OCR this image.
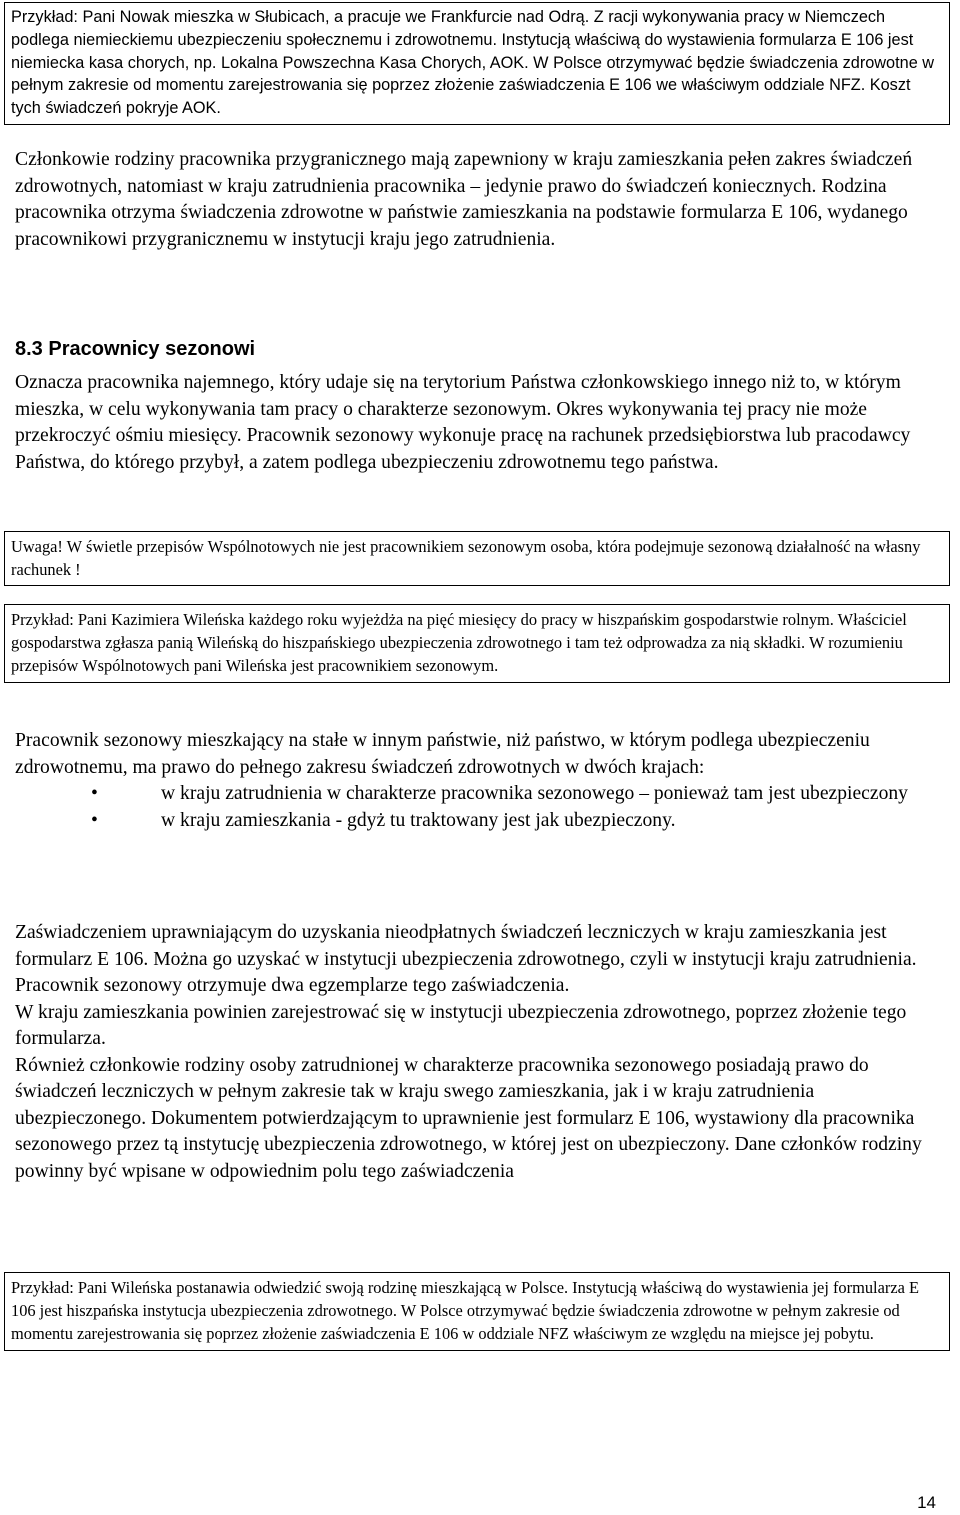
Przykład: Pani Nowak mieszka w Słubicach, a pracuje we Frankfurcie nad Odrą. Z racji wykonywania pracy w Niemczech podlega niemieckiemu ubezpieczeniu społecznemu i zdrowotnemu. Instytucją właściwą do wystawienia formularza E 106 jest niemiecka kasa chorych, np. Lokalna Powszechna Kasa Chorych, AOK. W Polsce otrzymywać będzie świadczenia zdrowotne w pełnym zakresie od momentu zarejestrowania się poprzez złożenie zaświadczenia E 106 we właściwym oddziale NFZ. Koszt tych świadczeń pokryje AOK.
Członkowie rodziny pracownika przygranicznego mają zapewniony w kraju zamieszkania pełen zakres świadczeń zdrowotnych, natomiast w kraju zatrudnienia pracownika – jedynie prawo do świadczeń koniecznych. Rodzina pracownika otrzyma świadczenia zdrowotne w państwie zamieszkania na podstawie formularza E 106, wydanego pracownikowi przygranicznemu w instytucji kraju jego zatrudnienia.
8.3 Pracownicy sezonowi
Oznacza pracownika najemnego, który udaje się na terytorium Państwa członkowskiego innego niż to, w którym mieszka, w celu wykonywania tam pracy o charakterze sezonowym. Okres wykonywania tej pracy nie może przekroczyć ośmiu miesięcy. Pracownik sezonowy wykonuje pracę na rachunek przedsiębiorstwa lub pracodawcy Państwa, do którego przybył, a zatem podlega ubezpieczeniu zdrowotnemu tego państwa.
Uwaga! W świetle przepisów Wspólnotowych nie jest pracownikiem sezonowym osoba, która podejmuje sezonową działalność na własny rachunek !
Przykład: Pani Kazimiera Wileńska każdego roku wyjeżdża na pięć miesięcy do pracy w hiszpańskim gospodarstwie rolnym. Właściciel gospodarstwa zgłasza panią Wileńską do hiszpańskiego ubezpieczenia zdrowotnego i tam też odprowadza za nią składki. W rozumieniu przepisów Wspólnotowych pani Wileńska jest pracownikiem sezonowym.
Pracownik sezonowy mieszkający na stałe w innym państwie, niż państwo, w którym podlega ubezpieczeniu zdrowotnemu, ma prawo do pełnego zakresu świadczeń zdrowotnych w dwóch krajach:
•	w kraju zatrudnienia w charakterze pracownika sezonowego – ponieważ tam jest ubezpieczony
•	w kraju zamieszkania - gdyż tu traktowany jest jak ubezpieczony.
Zaświadczeniem uprawniającym do uzyskania nieodpłatnych świadczeń leczniczych w kraju zamieszkania jest formularz E 106. Można go uzyskać w instytucji ubezpieczenia zdrowotnego, czyli w instytucji kraju zatrudnienia. Pracownik sezonowy otrzymuje dwa egzemplarze tego zaświadczenia.
W kraju zamieszkania powinien zarejestrować się w instytucji ubezpieczenia zdrowotnego, poprzez złożenie tego formularza.
Również członkowie rodziny osoby zatrudnionej w charakterze pracownika sezonowego posiadają prawo do świadczeń leczniczych w pełnym zakresie tak w kraju swego zamieszkania, jak i w kraju zatrudnienia ubezpieczonego. Dokumentem potwierdzającym to uprawnienie jest formularz E 106, wystawiony dla pracownika sezonowego przez tą instytucję ubezpieczenia zdrowotnego, w której jest on ubezpieczony. Dane członków rodziny powinny być wpisane w odpowiednim polu tego zaświadczenia
Przykład: Pani Wileńska postanawia odwiedzić swoją rodzinę mieszkającą w Polsce. Instytucją właściwą do wystawienia jej formularza E 106 jest hiszpańska instytucja ubezpieczenia zdrowotnego. W Polsce otrzymywać będzie świadczenia zdrowotne w pełnym zakresie od momentu zarejestrowania się poprzez złożenie zaświadczenia E 106 w oddziale NFZ właściwym ze względu na miejsce jej pobytu.
14
